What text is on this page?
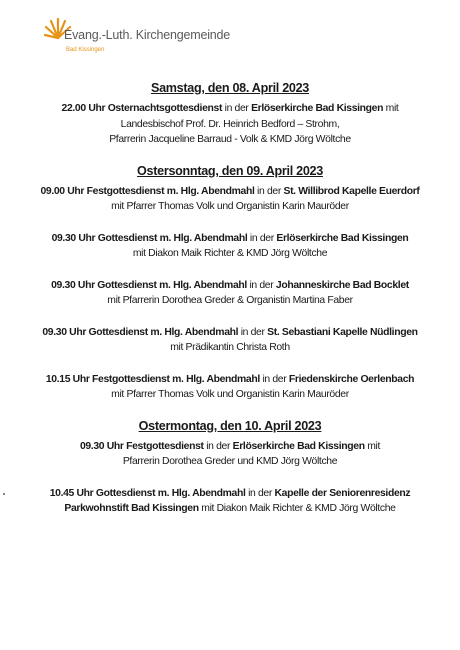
Evang.-Luth. Kirchengemeinde
Bad Kissingen
Samstag, den 08. April 2023
22.00 Uhr Osternachtsgottesdienst in der Erlöserkirche Bad Kissingen mit
Landesbischof Prof. Dr. Heinrich Bedford – Strohm,
Pfarrerin Jacqueline Barraud - Volk & KMD Jörg Wöltche
Ostersonntag, den 09. April 2023
09.00 Uhr Festgottesdienst m. Hlg. Abendmahl in der St. Willibrod Kapelle Euerdorf
mit Pfarrer Thomas Volk und Organistin Karin Mauröder
09.30 Uhr Gottesdienst m. Hlg. Abendmahl in der Erlöserkirche Bad Kissingen
mit Diakon Maik Richter & KMD Jörg Wöltche
09.30 Uhr Gottesdienst m. Hlg. Abendmahl in der Johanneskirche Bad Bocklet
mit Pfarrerin Dorothea Greder & Organistin Martina Faber
09.30 Uhr Gottesdienst m. Hlg. Abendmahl in der St. Sebastiani Kapelle Nüdlingen
mit Prädikantin Christa Roth
10.15 Uhr Festgottesdienst m. Hlg. Abendmahl in der Friedenskirche Oerlenbach
mit Pfarrer Thomas Volk und Organistin Karin Mauröder
Ostermontag, den 10. April 2023
09.30 Uhr Festgottesdienst in der Erlöserkirche Bad Kissingen mit
Pfarrerin Dorothea Greder und KMD Jörg Wöltche
10.45 Uhr Gottesdienst m. Hlg. Abendmahl in der Kapelle der Seniorenresidenz
Parkwohnstift Bad Kissingen mit Diakon Maik Richter & KMD Jörg Wöltche
